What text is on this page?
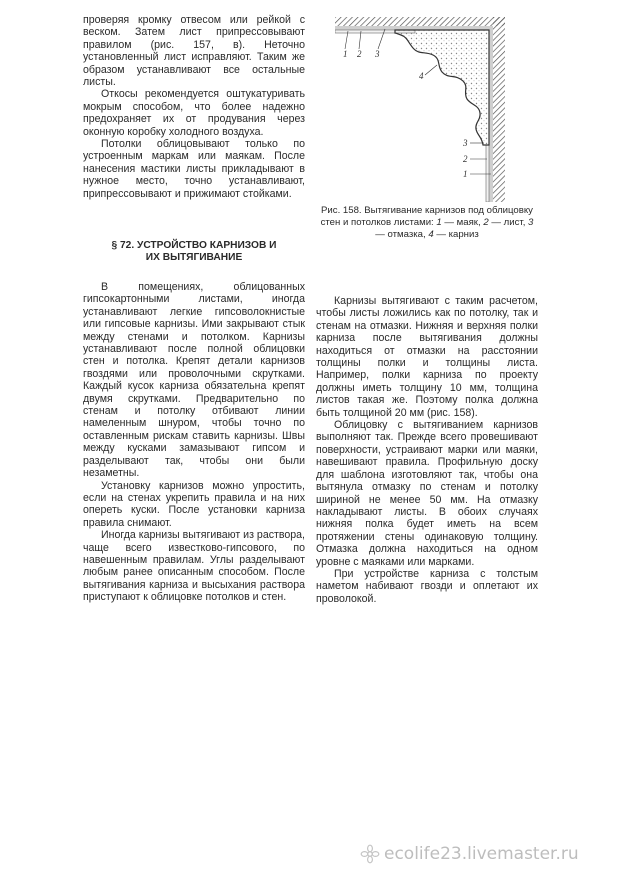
проверяя кромку отвесом или рейкой с веском. Затем лист припрессовывают правилом (рис. 157, в). Неточно установленный лист исправляют. Таким же образом устанавливают все остальные листы.

Откосы рекомендуется оштукатуривать мокрым способом, что более надежно предохраняет их от продувания через оконную коробку холодного воздуха.

Потолки облицовывают только по устроенным маркам или маякам. После нанесения мастики листы прикладывают в нужное место, точно устанавливают, припрессовывают и прижимают стойками.

§ 72. УСТРОЙСТВО КАРНИЗОВ И
ИХ ВЫТЯГИВАНИЕ

В помещениях, облицованных гипсокартонными листами, иногда устанавливают легкие гипсоволокнистые или гипсовые карнизы. Ими закрывают стык между стенами и потолком. Карнизы устанавливают после полной облицовки стен и потолка. Крепят детали карнизов гвоздями или проволочными скрутками. Каждый кусок карниза обязательна крепят двумя скрутками. Предварительно по стенам и потолку отбивают линии намеленным шнуром, чтобы точно по оставленным рискам ставить карнизы. Швы между кусками замазывают гипсом и разделывают так, чтобы они были незаметны.

Установку карнизов можно упростить, если на стенах укрепить правила и на них опереть куски. После установки карниза правила снимают.

Иногда карнизы вытягивают из раствора, чаще всего известково-гипсового, по навешенным правилам. Углы разделывают любым ранее описанным способом. После вытягивания карниза и высыхания раствора приступают к облицовке потолков и стен.

Карнизы вытягивают с таким расчетом, чтобы листы ложились как по потолку, так и стенам на отмазки. Нижняя и верхняя полки карниза после вытягивания должны находиться от отмазки на расстоянии толщины полки и толщины листа. Например, полки карниза по проекту должны иметь толщину 10 мм, толщина листов такая же. Поэтому полка должна быть толщиной 20 мм (рис. 158).

Облицовку с вытягиванием карнизов выполняют так. Прежде всего провешивают поверхности, устраивают марки или маяки, навешивают правила. Профильную доску для шаблона изготовляют так, чтобы она вытянула отмазку по стенам и потолку шириной не менее 50 мм. На отмазку накладывают листы. В обоих случаях нижняя полка будет иметь на всем протяжении стены одинаковую толщину. Отмазка должна находиться на одном уровне с маяками или марками.

При устройстве карниза с толстым наметом набивают гвозди и оплетают их проволокой.

1 2 3
4
3
2
1
Рис. 158. Вытягивание карнизов под облицовку стен и потолков листами: 1 — маяк, 2 — лист, 3 — отмазка, 4 — карниз
ecolife23.livemaster.ru
